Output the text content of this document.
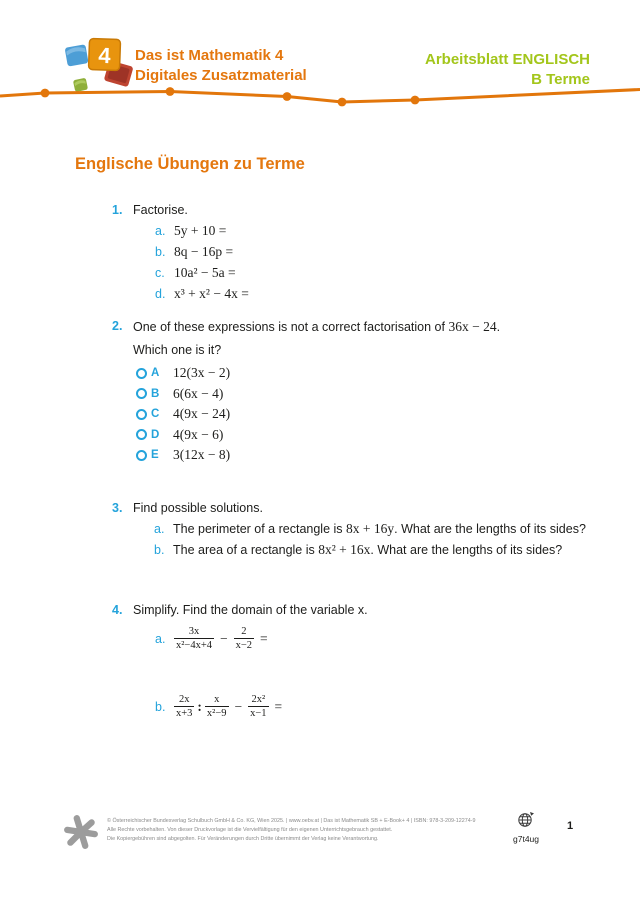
4 Das ist Mathematik 4
Digitales Zusatzmaterial
Arbeitsblatt ENGLISCH
B Terme
Englische Übungen zu Terme
1. Factorise.
a. 5y + 10 =
b. 8q − 16p =
c. 10a² − 5a =
d. x³ + x² − 4x =
2. One of these expressions is not a correct factorisation of 36x − 24.
Which one is it?
A	12(3x − 2)
B	6(6x − 4)
C	4(9x − 24)
D	4(9x − 6)
E	3(12x − 8)
3. Find possible solutions.
a. The perimeter of a rectangle is 8x + 16y. What are the lengths of its sides?
b. The area of a rectangle is 8x² + 16x. What are the lengths of its sides?
4. Simplify. Find the domain of the variable x.
a. $\frac{3x}{\text{x²−4x+4}} - \frac{2}{x-2}$ =
b. $\frac{2x}{x+3}$ : $\frac{x}{\text{x²−9}} - \frac{\text{2x²}}{x-1}$ =
© Österreichischer Bundesverlag Schulbuch GmbH & Co. KG, Wien 2025. | www.oebv.at | Das ist Mathematik SB + E-Book+ 4 | ISBN: 978-3-209-12274-9
Alle Rechte vorbehalten. Von dieser Druckvorlage ist die Vervielfältigung für den eigenen Unterrichtsgebrauch gestattet.
Die Kopiergebühren sind abgegolten. Für Veränderungen durch Dritte übernimmt der Verlag keine Verantwortung.	g7t4ug
1
